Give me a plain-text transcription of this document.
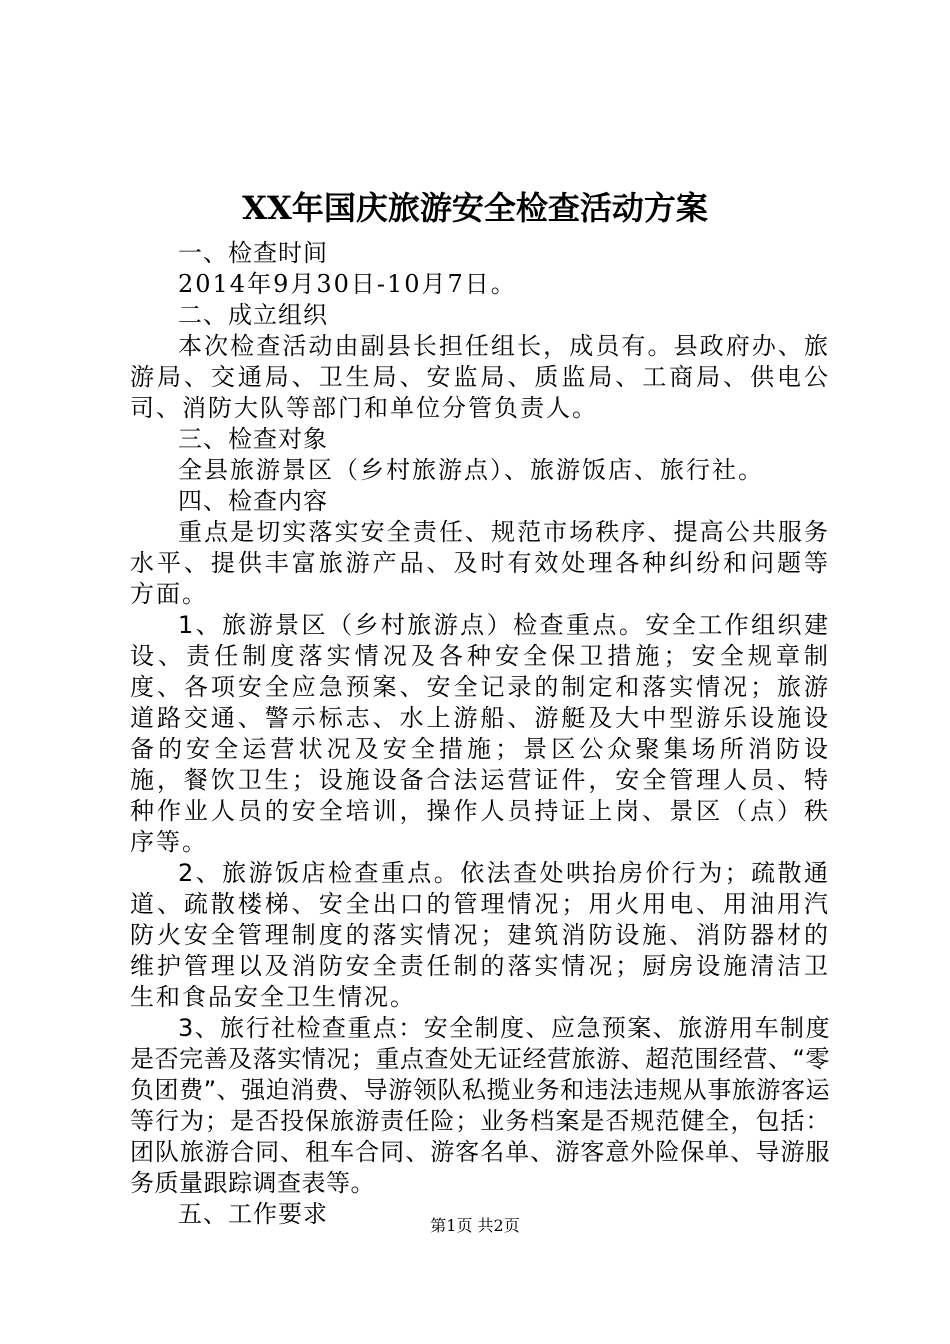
XX年国庆旅游安全检查活动方案

一、检查时间

2014年9月30日-10月7日。

二、成立组织

本次检查活动由副县长担任组长，成员有。县政府办、旅游局、交通局、卫生局、安监局、质监局、工商局、供电公司、消防大队等部门和单位分管负责人。

三、检查对象

全县旅游景区（乡村旅游点）、旅游饭店、旅行社。

四、检查内容

重点是切实落实安全责任、规范市场秩序、提高公共服务水平、提供丰富旅游产品、及时有效处理各种纠纷和问题等方面。

1、旅游景区（乡村旅游点）检查重点。安全工作组织建设、责任制度落实情况及各种安全保卫措施；安全规章制度、各项安全应急预案、安全记录的制定和落实情况；旅游道路交通、警示标志、水上游船、游艇及大中型游乐设施设备的安全运营状况及安全措施；景区公众聚集场所消防设施，餐饮卫生；设施设备合法运营证件，安全管理人员、特种作业人员的安全培训，操作人员持证上岗、景区（点）秩序等。

2、旅游饭店检查重点。依法查处哄抬房价行为；疏散通道、疏散楼梯、安全出口的管理情况；用火用电、用油用汽防火安全管理制度的落实情况；建筑消防设施、消防器材的维护管理以及消防安全责任制的落实情况；厨房设施清洁卫生和食品安全卫生情况。

3、旅行社检查重点：安全制度、应急预案、旅游用车制度是否完善及落实情况；重点查处无证经营旅游、超范围经营、“零负团费”、强迫消费、导游领队私揽业务和违法违规从事旅游客运等行为；是否投保旅游责任险；业务档案是否规范健全，包括：团队旅游合同、租车合同、游客名单、游客意外险保单、导游服务质量跟踪调查表等。

五、工作要求	第1页 共2页
